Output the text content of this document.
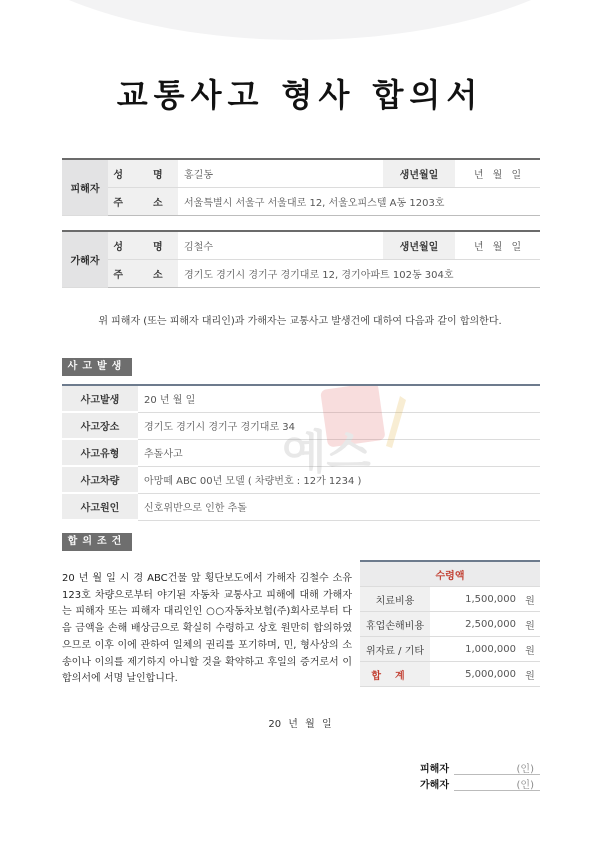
교통사고 형사 합의서
피해자	성　명	홍길동	생년월일	년 월 일
	주　소	서울특별시 서울구 서울대로 12, 서울오피스텔 A동 1203호		
가해자	성　명	김철수	생년월일	년 월 일
	주　소	경기도 경기시 경기구 경기대로 12, 경기아파트 102동 304호		
위 피해자 (또는 피해자 대리인)과 가해자는 교통사고 발생건에 대하여 다음과 같이 합의한다.
사고발생
사고발생	20 년 월 일
사고장소	경기도 경기시 경기구 경기대로 34
사고유형	추돌사고
사고차량	아망떼 ABC 00년 모델 ( 차량번호 : 12가 1234 )
사고원인	신호위반으로 인한 추돌
합의조건
20 년 월 일 시 경 ABC건물 앞 횡단보도에서 가해자 김철수 소유 123호 차량으로부터 야기된 자동차 교통사고 피해에 대해 가해자는 피해자 또는 피해자 대리인인 ○○자동차보험(주)회사로부터 다음 금액을 손해 배상금으로 확실히 수령하고 상호 원만히 합의하였으므로 이후 이에 관하여 일체의 권리를 포기하며, 민, 형사상의 소송이나 이의를 제기하지 아니할 것을 확약하고 후일의 증거로서 이 합의서에 서명 날인합니다.
수령액		
치료비용	1,500,000	원
휴업손해비용	2,500,000	원
위자료 / 기타	1,000,000	원
합계	5,000,000	원
20 년 월 일
피해자	(인)
가해자	(인)
예스
